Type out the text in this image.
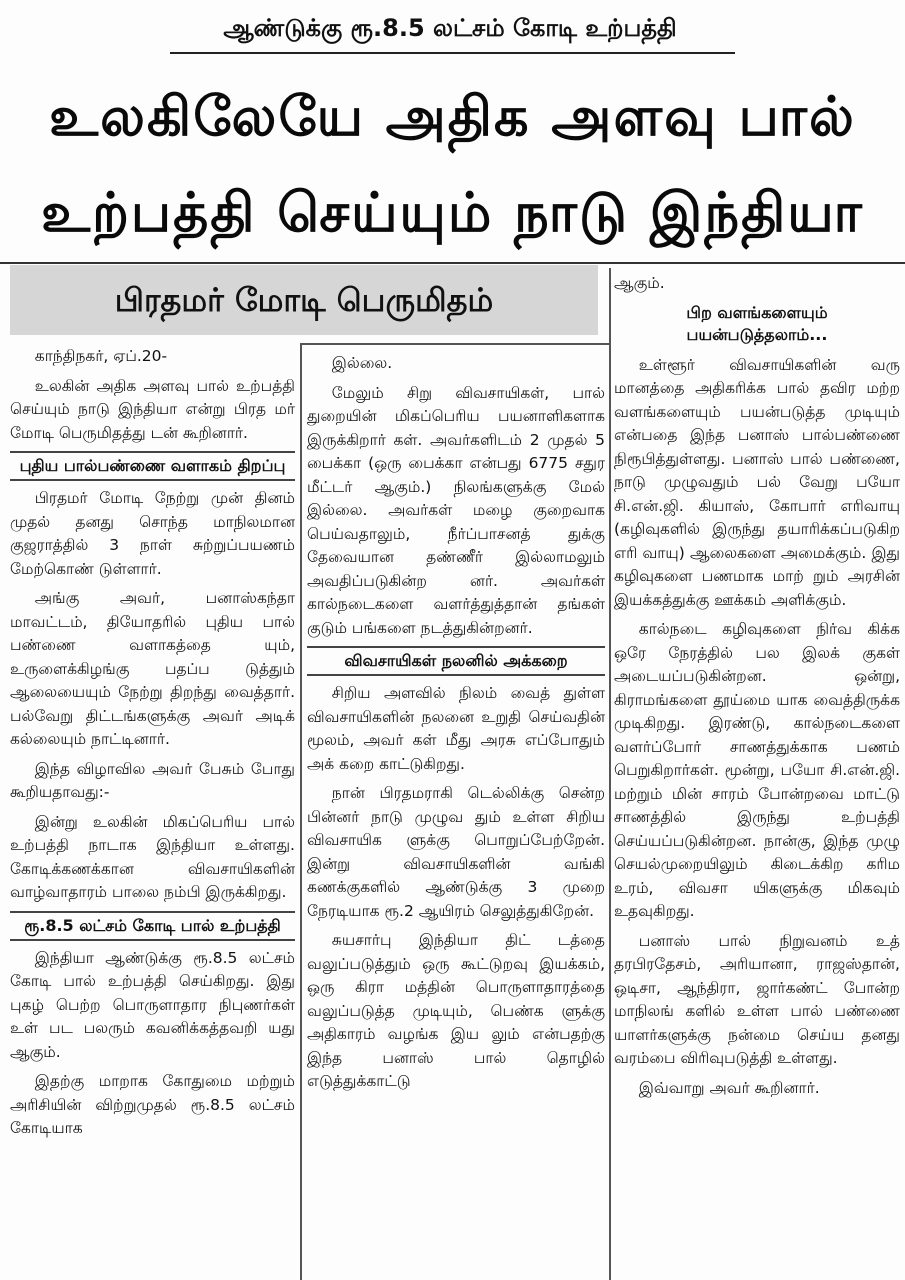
ஆண்டுக்கு ரூ.8.5 லட்சம் கோடி உற்பத்தி
உலகிலேயே அதிக அளவு பால்
உற்பத்தி செய்யும் நாடு இந்தியா
பிரதமர் மோடி பெருமிதம்

காந்திநகர், ஏப்.20-

உலகின் அதிக அளவு பால் உற்பத்தி செய்யும் நாடு இந்தியா என்று பிரத மர் மோடி பெருமிதத்து டன் கூறினார்.

புதிய பால்பண்ணை வளாகம் திறப்பு

பிரதமர் மோடி நேற்று முன் தினம் முதல் தனது சொந்த மாநிலமான குஜராத்தில் 3 நாள் சுற்றுப்பயணம் மேற்கொண் டுள்ளார்.

அங்கு அவர், பனாஸ்கந்தா மாவட்டம், தியோதரில் புதிய பால் பண்ணை வளாகத்தை யும், உருளைக்கிழங்கு பதப்ப டுத்தும் ஆலையையும் நேற்று திறந்து வைத்தார். பல்வேறு திட்டங்களுக்கு அவர் அடிக் கல்லையும் நாட்டினார்.

இந்த விழாவில அவர் பேசும் போது கூறியதாவது:-

இன்று உலகின் மிகப்பெரிய பால் உற்பத்தி நாடாக இந்தியா உள்ளது. கோடிக்கணக்கான விவசாயிகளின் வாழ்வாதாரம் பாலை நம்பி இருக்கிறது.

ரூ.8.5 லட்சம் கோடி பால் உற்பத்தி

இந்தியா ஆண்டுக்கு ரூ.8.5 லட்சம் கோடி பால் உற்பத்தி செய்கிறது. இது புகழ் பெற்ற பொருளாதார நிபுணர்கள் உள் பட பலரும் கவனிக்கத்தவறி யது ஆகும்.

இதற்கு மாறாக கோதுமை மற்றும் அரிசியின் விற்றுமுதல் ரூ.8.5 லட்சம் கோடியாக

இல்லை.

மேலும் சிறு விவசாயிகள், பால் துறையின் மிகப்பெரிய பயனாளிகளாக இருக்கிறார் கள். அவர்களிடம் 2 முதல் 5 பைக்கா (ஒரு பைக்கா என்பது 6775 சதுர மீட்டர் ஆகும்.) நிலங்களுக்கு மேல் இல்லை. அவர்கள் மழை குறைவாக பெய்வதாலும், நீர்ப்பாசனத் துக்கு தேவையான தண்ணீர் இல்லாமலும் அவதிப்படுகின்ற னர். அவர்கள் கால்நடைகளை வளர்த்துத்தான் தங்கள் குடும் பங்களை நடத்துகின்றனர்.

விவசாயிகள் நலனில் அக்கறை

சிறிய அளவில் நிலம் வைத் துள்ள விவசாயிகளின் நலனை உறுதி செய்வதின் மூலம், அவர் கள் மீது அரசு எப்போதும் அக் கறை காட்டுகிறது.

நான் பிரதமராகி டெல்லிக்கு சென்ற பின்னர் நாடு முழுவ தும் உள்ள சிறிய விவசாயிக ளுக்கு பொறுப்பேற்றேன். இன்று விவசாயிகளின் வங்கி கணக்குகளில் ஆண்டுக்கு 3 முறை நேரடியாக ரூ.2 ஆயிரம் செலுத்துகிறேன்.

சுயசார்பு இந்தியா திட் டத்தை வலுப்படுத்தும் ஒரு கூட்டுறவு இயக்கம், ஒரு கிரா மத்தின் பொருளாதாரத்தை வலுப்படுத்த முடியும், பெண்க ளுக்கு அதிகாரம் வழங்க இய லும் என்பதற்கு இந்த பனாஸ் பால் தொழில் எடுத்துக்காட்டு

ஆகும்.

பிற வளங்களையும் பயன்படுத்தலாம்...

உள்ளூர் விவசாயிகளின் வரு மானத்தை அதிகரிக்க பால் தவிர மற்ற வளங்களையும் பயன்படுத்த முடியும் என்பதை இந்த பனாஸ் பால்பண்ணை நிரூபித்துள்ளது. பனாஸ் பால் பண்ணை, நாடு முழுவதும் பல் வேறு பயோ சி.என்.ஜி. கியாஸ், கோபார் எரிவாயு (கழிவுகளில் இருந்து தயாரிக்கப்படுகிற எரி வாயு) ஆலைகளை அமைக்கும். இது கழிவுகளை பணமாக மாற் றும் அரசின் இயக்கத்துக்கு ஊக்கம் அளிக்கும்.

கால்நடை கழிவுகளை நிர்வ கிக்க ஒரே நேரத்தில் பல இலக் குகள் அடையப்படுகின்றன. ஒன்று, கிராமங்களை தூய்மை யாக வைத்திருக்க முடிகிறது. இரண்டு, கால்நடைகளை வளர்ப்போர் சாணத்துக்காக பணம் பெறுகிறார்கள். மூன்று, பயோ சி.என்.ஜி. மற்றும் மின் சாரம் போன்றவை மாட்டு சாணத்தில் இருந்து உற்பத்தி செய்யப்படுகின்றன. நான்கு, இந்த முழு செயல்முறையிலும் கிடைக்கிற கரிம உரம், விவசா யிகளுக்கு மிகவும் உதவுகிறது.

பனாஸ் பால் நிறுவனம் உத் தரபிரதேசம், அரியானா, ராஜஸ்தான், ஒடிசா, ஆந்திரா, ஜார்கண்ட் போன்ற மாநிலங் களில் உள்ள பால் பண்ணை யாளர்களுக்கு நன்மை செய்ய தனது வரம்பை விரிவுபடுத்தி உள்ளது.

இவ்வாறு அவர் கூறினார்.
